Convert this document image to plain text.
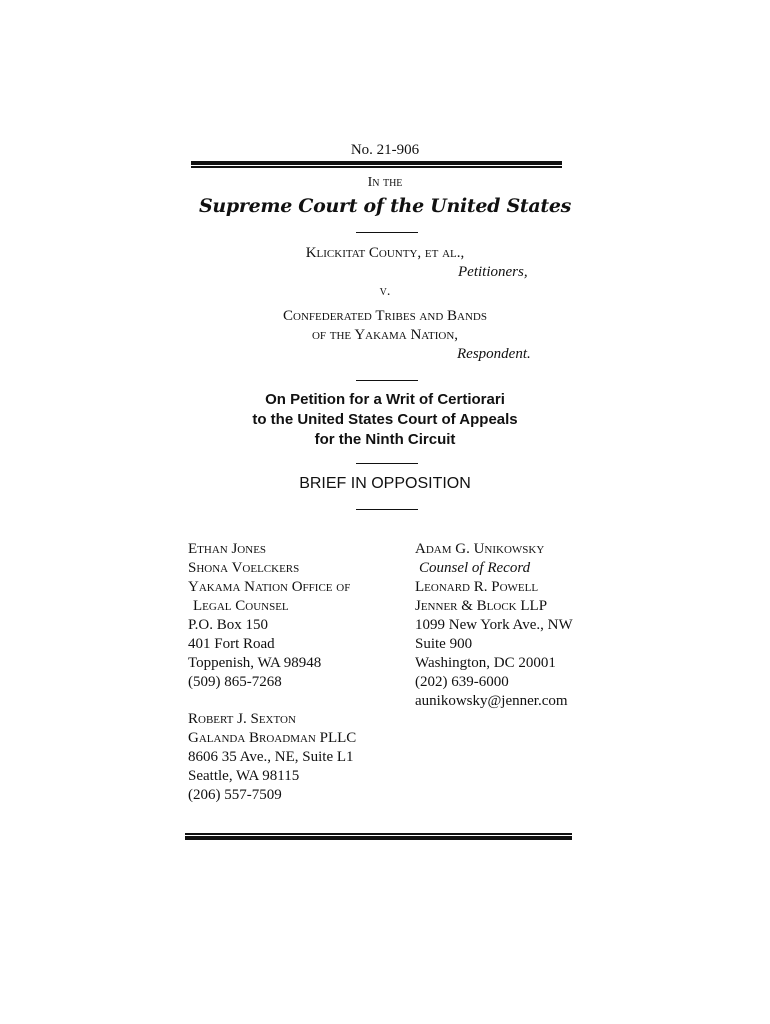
No. 21-906
In the
Supreme Court of the United States
Klickitat County, et al.,
Petitioners,
v.
Confederated Tribes and Bands
of the Yakama Nation,
Respondent.
On Petition for a Writ of Certiorari
to the United States Court of Appeals
for the Ninth Circuit
BRIEF IN OPPOSITION
Ethan Jones
Shona Voelckers
Yakama Nation Office of
Legal Counsel
P.O. Box 150
401 Fort Road
Toppenish, WA 98948
(509) 865-7268
Robert J. Sexton
Galanda Broadman PLLC
8606 35 Ave., NE, Suite L1
Seattle, WA 98115
(206) 557-7509
Adam G. Unikowsky
Counsel of Record
Leonard R. Powell
Jenner & Block LLP
1099 New York Ave., NW
Suite 900
Washington, DC 20001
(202) 639-6000
aunikowsky@jenner.com
